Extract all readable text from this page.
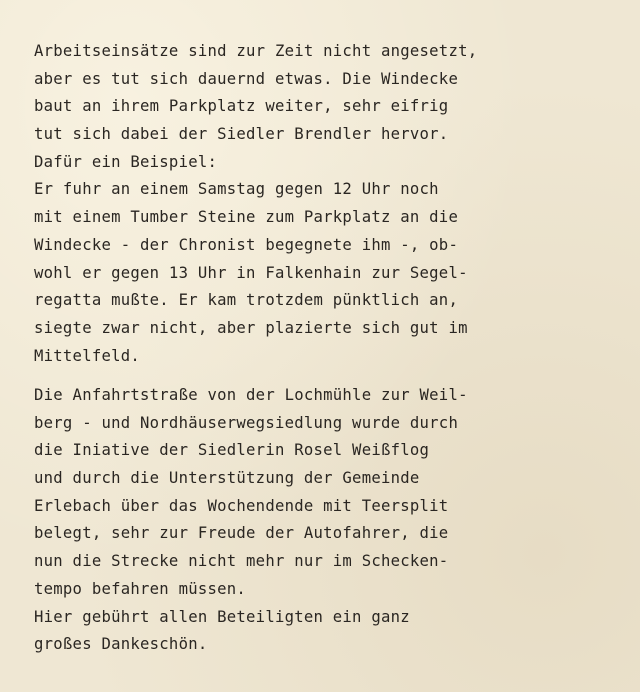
Arbeitseinsätze sind zur Zeit nicht angesetzt,
aber es tut sich dauernd etwas. Die Windecke
baut an ihrem Parkplatz weiter, sehr eifrig
tut sich dabei der Siedler Brendler hervor.
Dafür ein Beispiel:
Er fuhr an einem Samstag gegen 12 Uhr noch
mit einem Tumber Steine zum Parkplatz an die
Windecke - der Chronist begegnete ihm -, ob-
wohl er gegen 13 Uhr in Falkenhain zur Segel-
regatta mußte. Er kam trotzdem pünktlich an,
siegte zwar nicht, aber plazierte sich gut im
Mittelfeld.
Die Anfahrtstraße von der Lochmühle zur Weil-
berg - und Nordhäuserwegsiedlung wurde durch
die Iniative der Siedlerin Rosel Weißflog
und durch die Unterstützung der Gemeinde
Erlebach über das Wochendende mit Teersplit
belegt, sehr zur Freude der Autofahrer, die
nun die Strecke nicht mehr nur im Schecken-
tempo befahren müssen.
Hier gebührt allen Beteiligten ein ganz
großes Dankeschön.
